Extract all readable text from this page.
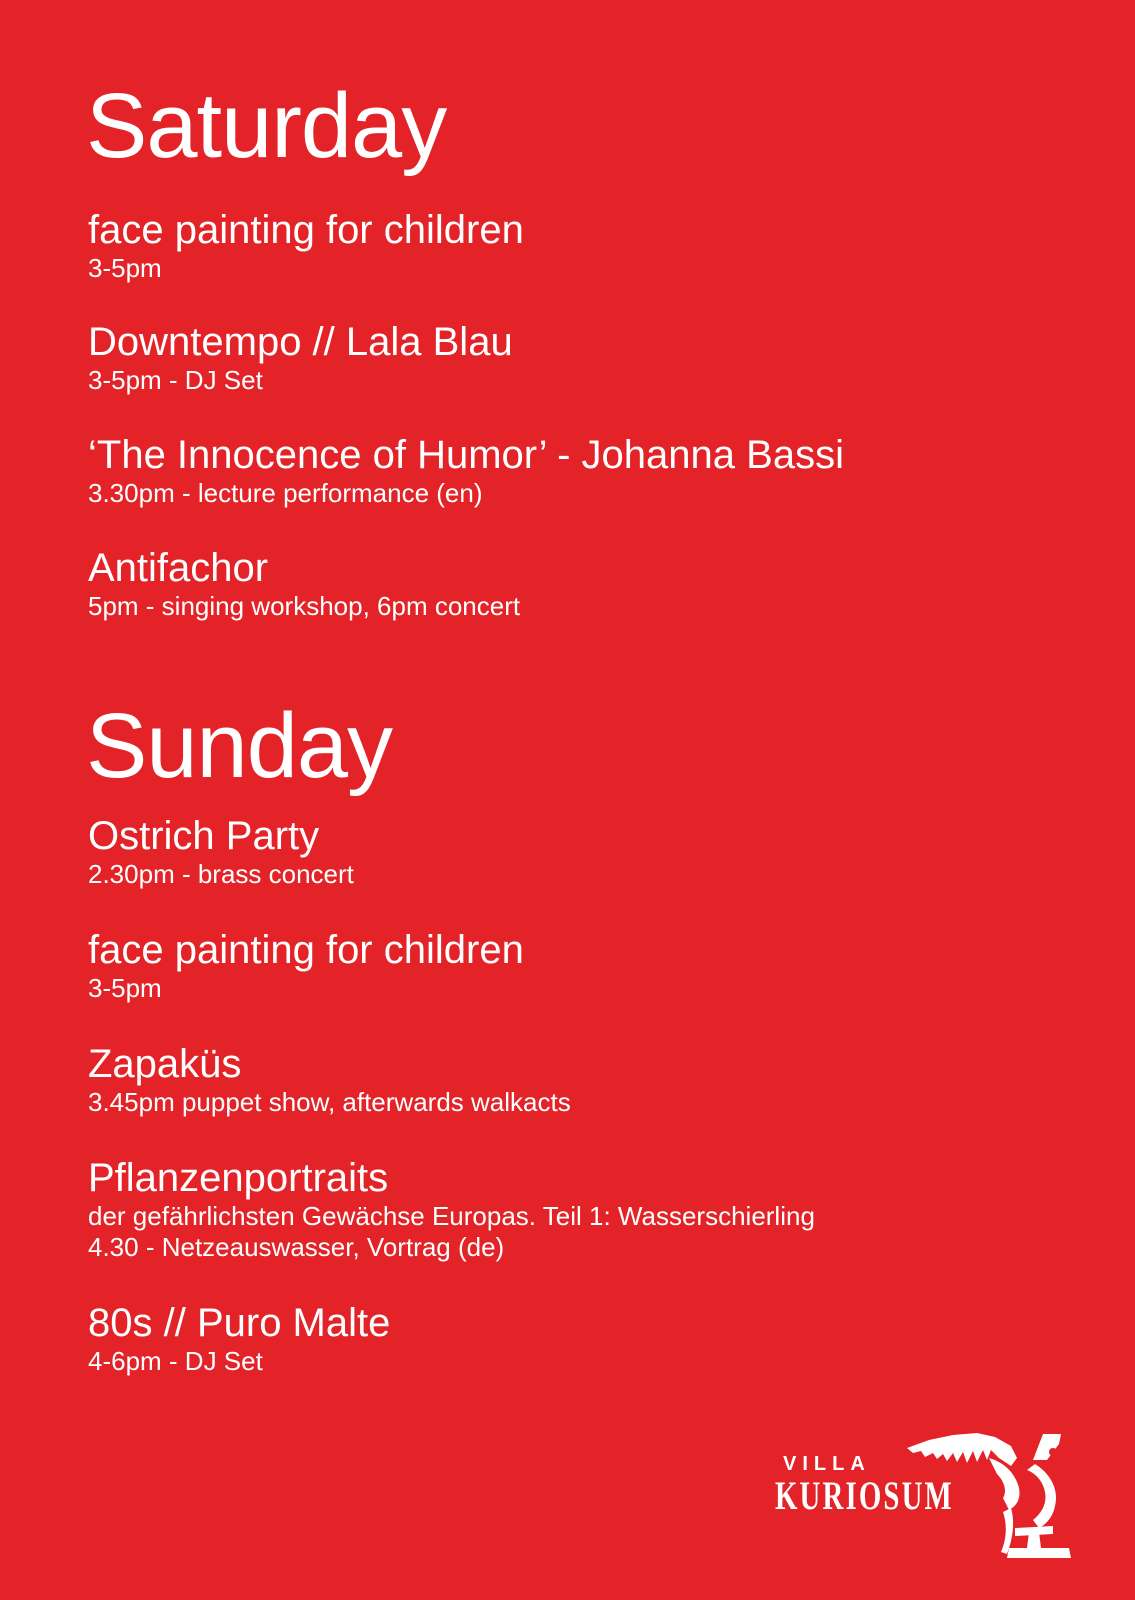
Saturday
face painting for children
3-5pm
Downtempo // Lala Blau
3-5pm - DJ Set
‘The Innocence of Humor’ - Johanna Bassi
3.30pm - lecture performance (en)
Antifachor
5pm - singing workshop, 6pm concert
Sunday
Ostrich Party
2.30pm - brass concert
face painting for children
3-5pm
Zapaküs
3.45pm puppet show, afterwards walkacts
Pflanzenportraits
der gefährlichsten Gewächse Europas. Teil 1: Wasserschierling
4.30 - Netzeauswasser, Vortrag (de)
80s // Puro Malte
4-6pm - DJ Set
VILLA
KURIOSUM
